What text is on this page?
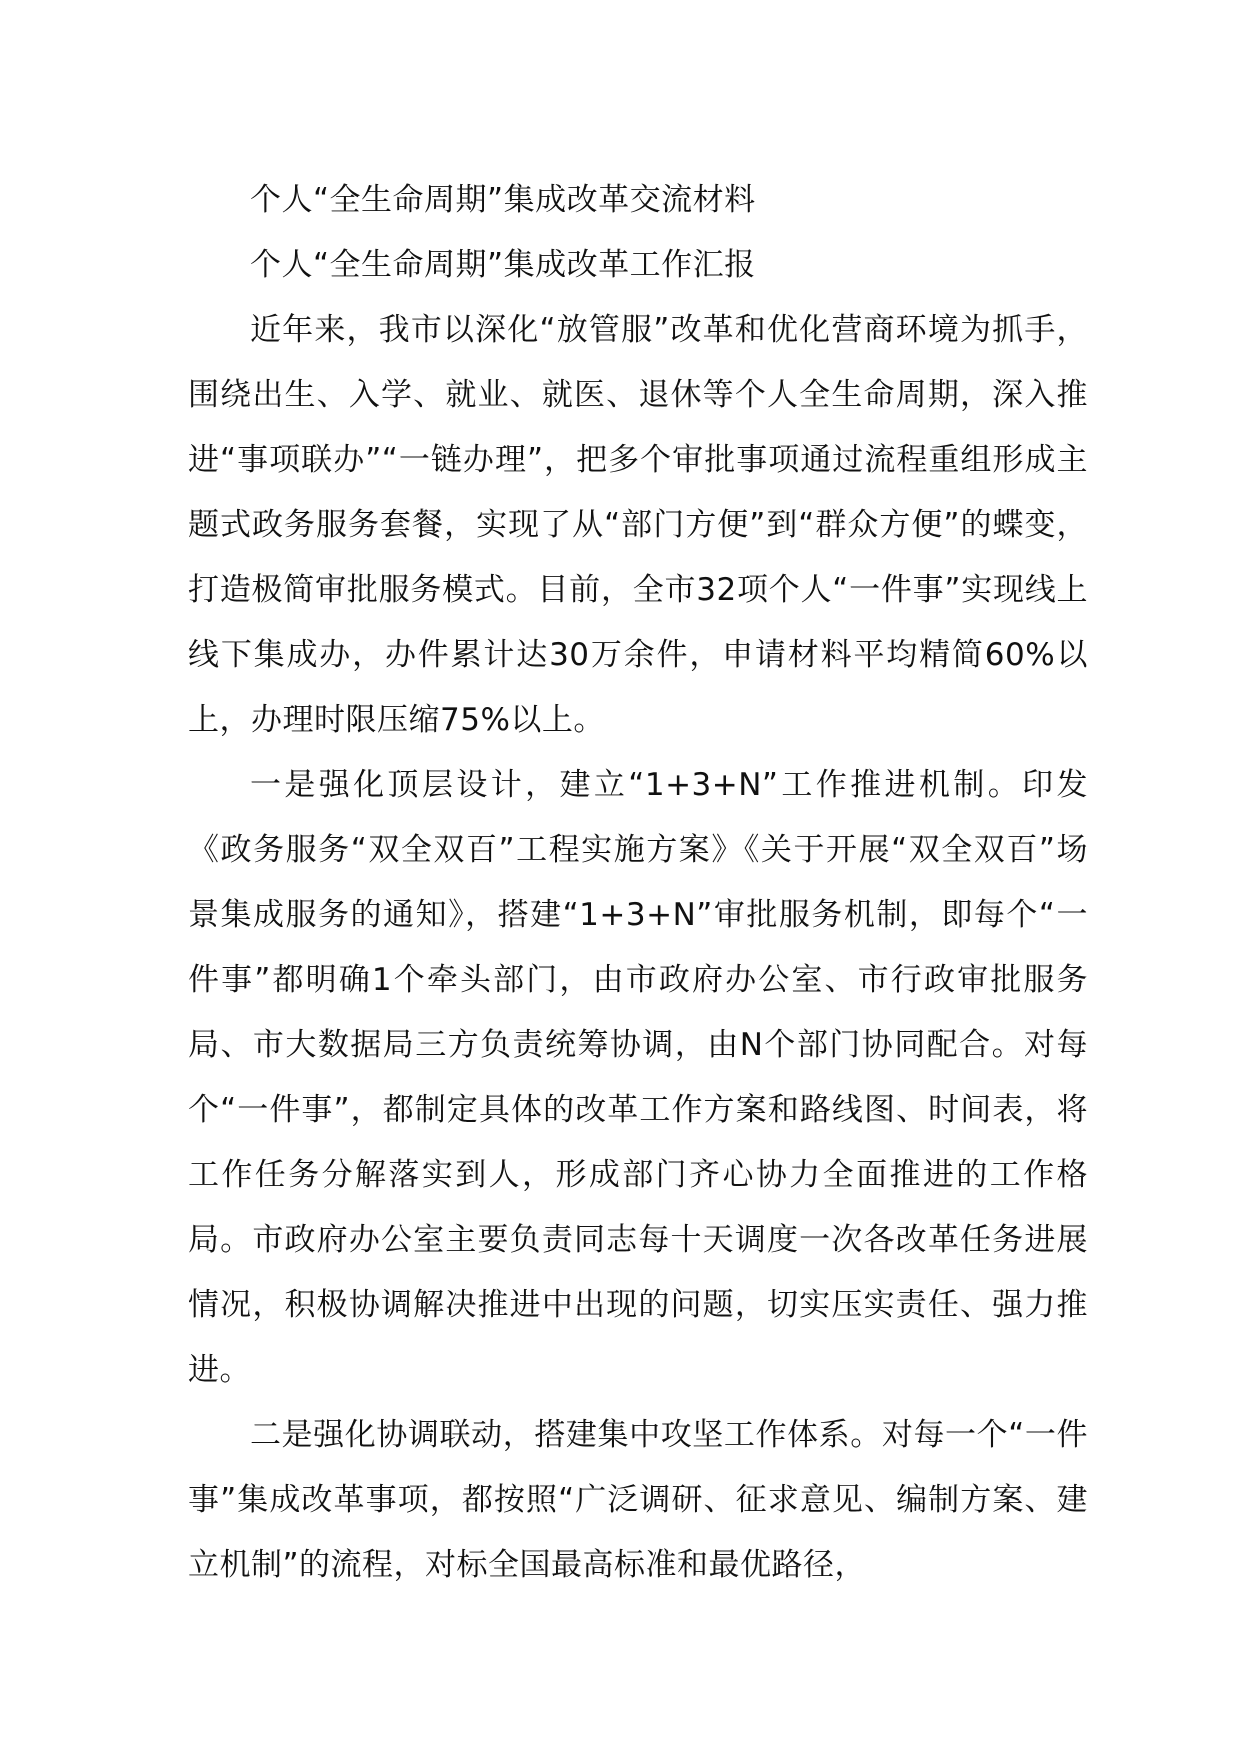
个人“全生命周期”集成改革交流材料

个人“全生命周期”集成改革工作汇报

近年来，我市以深化“放管服”改革和优化营商环境为抓手，围绕出生、入学、就业、就医、退休等个人全生命周期，深入推进“事项联办”“一链办理”，把多个审批事项通过流程重组形成主题式政务服务套餐，实现了从“部门方便”到“群众方便”的蝶变，打造极简审批服务模式。目前，全市32项个人“一件事”实现线上线下集成办，办件累计达30万余件，申请材料平均精简60%以上，办理时限压缩75%以上。

一是强化顶层设计，建立“1+3+N”工作推进机制。印发《政务服务“双全双百”工程实施方案》《关于开展“双全双百”场景集成服务的通知》，搭建“1+3+N”审批服务机制，即每个“一件事”都明确1个牵头部门，由市政府办公室、市行政审批服务局、市大数据局三方负责统筹协调，由N个部门协同配合。对每个“一件事”，都制定具体的改革工作方案和路线图、时间表，将工作任务分解落实到人，形成部门齐心协力全面推进的工作格局。市政府办公室主要负责同志每十天调度一次各改革任务进展情况，积极协调解决推进中出现的问题，切实压实责任、强力推进。

二是强化协调联动，搭建集中攻坚工作体系。对每一个“一件事”集成改革事项，都按照“广泛调研、征求意见、编制方案、建立机制”的流程，对标全国最高标准和最优路径，
